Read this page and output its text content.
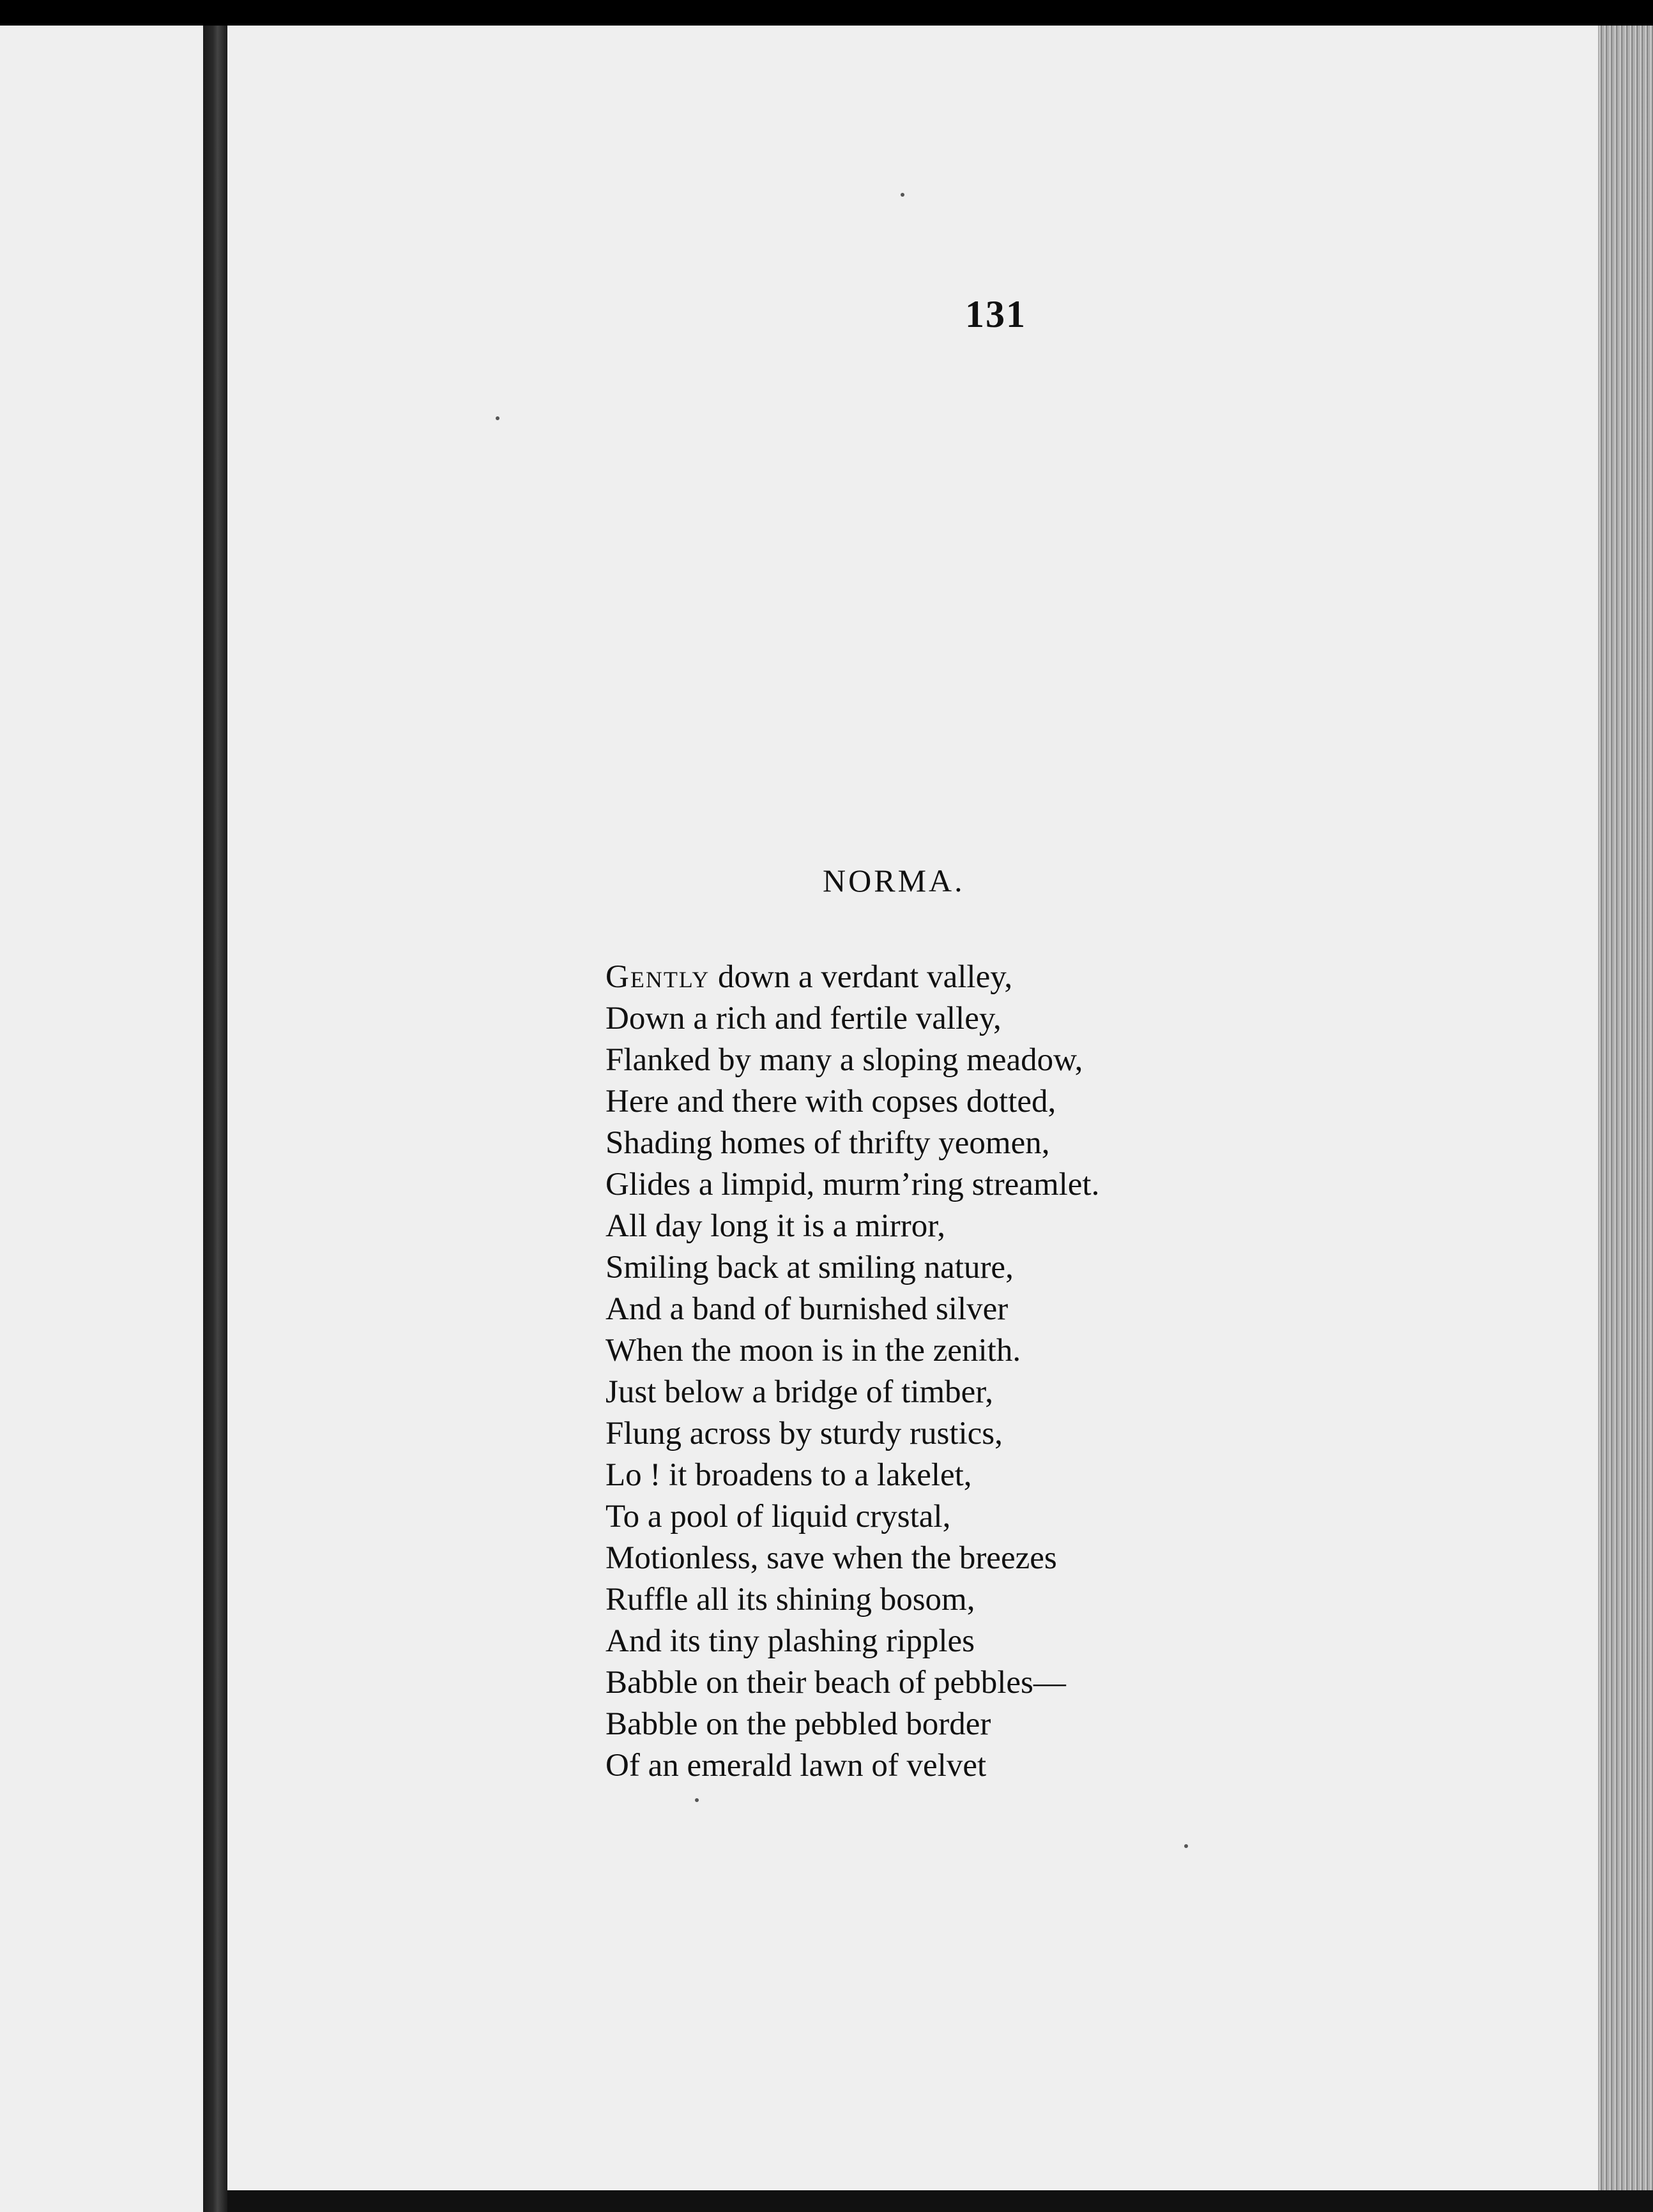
131
NORMA.
Gently down a verdant valley,
Down a rich and fertile valley,
Flanked by many a sloping meadow,
Here and there with copses dotted,
Shading homes of thrifty yeomen,
Glides a limpid, murm’ring streamlet.
All day long it is a mirror,
Smiling back at smiling nature,
And a band of burnished silver
When the moon is in the zenith.
Just below a bridge of timber,
Flung across by sturdy rustics,
Lo ! it broadens to a lakelet,
To a pool of liquid crystal,
Motionless, save when the breezes
Ruffle all its shining bosom,
And its tiny plashing ripples
Babble on their beach of pebbles—
Babble on the pebbled border
Of an emerald lawn of velvet
